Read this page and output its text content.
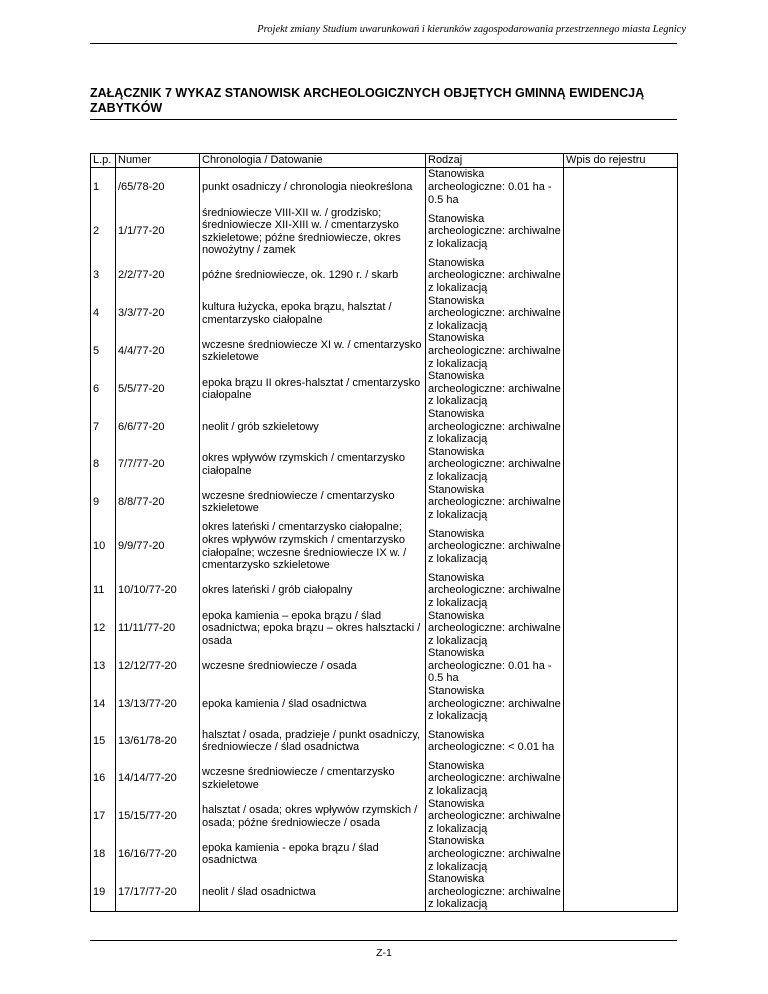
Projekt zmiany Studium uwarunkowań i kierunków zagospodarowania przestrzennego miasta Legnicy
ZAŁĄCZNIK 7 WYKAZ STANOWISK ARCHEOLOGICZNYCH OBJĘTYCH GMINNĄ EWIDENCJĄ ZABYTKÓW
L.p.	Numer	Chronologia / Datowanie	Rodzaj	Wpis do rejestru
1	/65/78-20	punkt osadniczy / chronologia nieokreślona	Stanowiska archeologiczne: 0.01 ha - 0.5 ha	
2	1/1/77-20	średniowiecze VIII-XII w. / grodzisko; średniowiecze XII-XIII w. / cmentarzysko szkieletowe; późne średniowiecze, okres nowożytny / zamek	Stanowiska archeologiczne: archiwalne z lokalizacją	
3	2/2/77-20	późne średniowiecze, ok. 1290 r. / skarb	Stanowiska archeologiczne: archiwalne z lokalizacją	
4	3/3/77-20	kultura łużycka, epoka brązu, halsztat / cmentarzysko ciałopalne	Stanowiska archeologiczne: archiwalne z lokalizacją	
5	4/4/77-20	wczesne średniowiecze XI w. / cmentarzysko szkieletowe	Stanowiska archeologiczne: archiwalne z lokalizacją	
6	5/5/77-20	epoka brązu II okres-halsztat / cmentarzysko ciałopalne	Stanowiska archeologiczne: archiwalne z lokalizacją	
7	6/6/77-20	neolit / grób szkieletowy	Stanowiska archeologiczne: archiwalne z lokalizacją	
8	7/7/77-20	okres wpływów rzymskich / cmentarzysko ciałopalne	Stanowiska archeologiczne: archiwalne z lokalizacją	
9	8/8/77-20	wczesne średniowiecze / cmentarzysko szkieletowe	Stanowiska archeologiczne: archiwalne z lokalizacją	
10	9/9/77-20	okres lateński / cmentarzysko ciałopalne; okres wpływów rzymskich / cmentarzysko ciałopalne; wczesne średniowiecze IX w. / cmentarzysko szkieletowe	Stanowiska archeologiczne: archiwalne z lokalizacją	
11	10/10/77-20	okres lateński / grób ciałopalny	Stanowiska archeologiczne: archiwalne z lokalizacją	
12	11/11/77-20	epoka kamienia – epoka brązu / ślad osadnictwa; epoka brązu – okres halsztacki / osada	Stanowiska archeologiczne: archiwalne z lokalizacją	
13	12/12/77-20	wczesne średniowiecze / osada	Stanowiska archeologiczne: 0.01 ha - 0.5 ha	
14	13/13/77-20	epoka kamienia / ślad osadnictwa	Stanowiska archeologiczne: archiwalne z lokalizacją	
15	13/61/78-20	halsztat / osada, pradzieje / punkt osadniczy, średniowiecze / ślad osadnictwa	Stanowiska archeologiczne: < 0.01 ha	
16	14/14/77-20	wczesne średniowiecze / cmentarzysko szkieletowe	Stanowiska archeologiczne: archiwalne z lokalizacją	
17	15/15/77-20	halsztat / osada; okres wpływów rzymskich / osada; późne średniowiecze / osada	Stanowiska archeologiczne: archiwalne z lokalizacją	
18	16/16/77-20	epoka kamienia - epoka brązu / ślad osadnictwa	Stanowiska archeologiczne: archiwalne z lokalizacją	
19	17/17/77-20	neolit / ślad osadnictwa	Stanowiska archeologiczne: archiwalne z lokalizacją	
Z-1
